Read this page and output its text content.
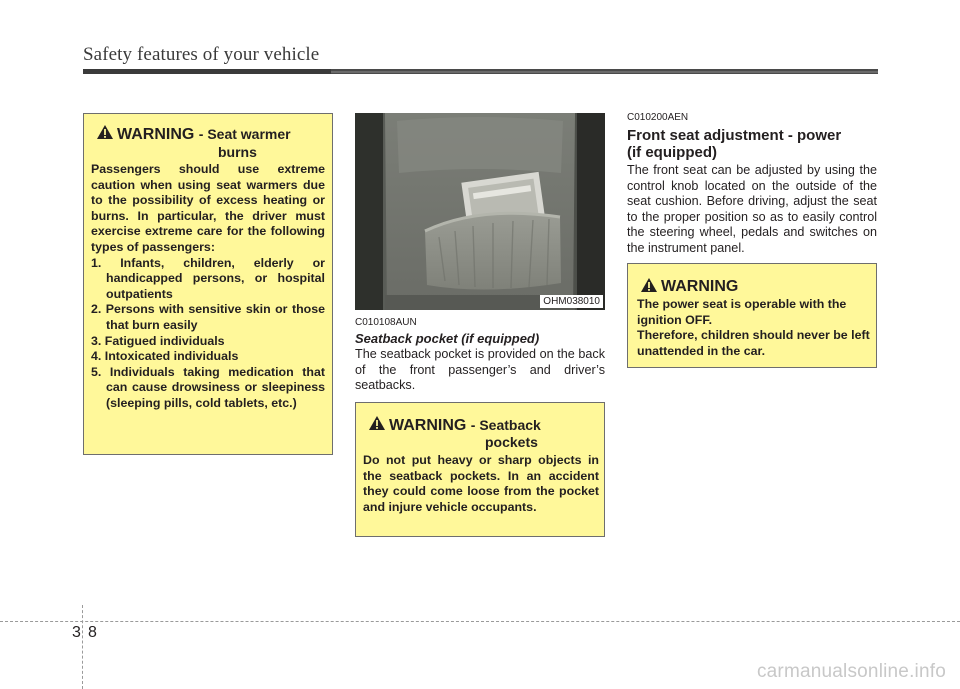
Safety features of your vehicle
WARNING - Seat warmer
burns
Passengers should use extreme caution when using seat warmers due to the possibility of excess heating or burns. In particular, the driver must exercise extreme care for the following types of passengers:
1. Infants, children, elderly or handicapped persons, or hospital outpatients
2. Persons with sensitive skin or those that burn easily
3. Fatigued individuals
4. Intoxicated individuals
5. Individuals taking medication that can cause drowsiness or sleepiness (sleeping pills, cold tablets, etc.)
OHM038010
C010108AUN
Seatback pocket (if equipped)
The seatback pocket is provided on the back of the front passenger’s and driver’s seatbacks.
WARNING - Seatback
pockets
Do not put heavy or sharp objects in the seatback pockets. In an accident they could come loose from the pocket and injure vehicle occupants.
C010200AEN
Front seat adjustment - power
(if equipped)
The front seat can be adjusted by using the control knob located on the outside of the seat cushion. Before driving, adjust the seat to the proper position so as to easily control the steering wheel, pedals and switches on the instrument panel.
WARNING
The power seat is operable with the ignition OFF.
Therefore, children should never be left unattended in the car.
3 8
carmanualsonline.info
